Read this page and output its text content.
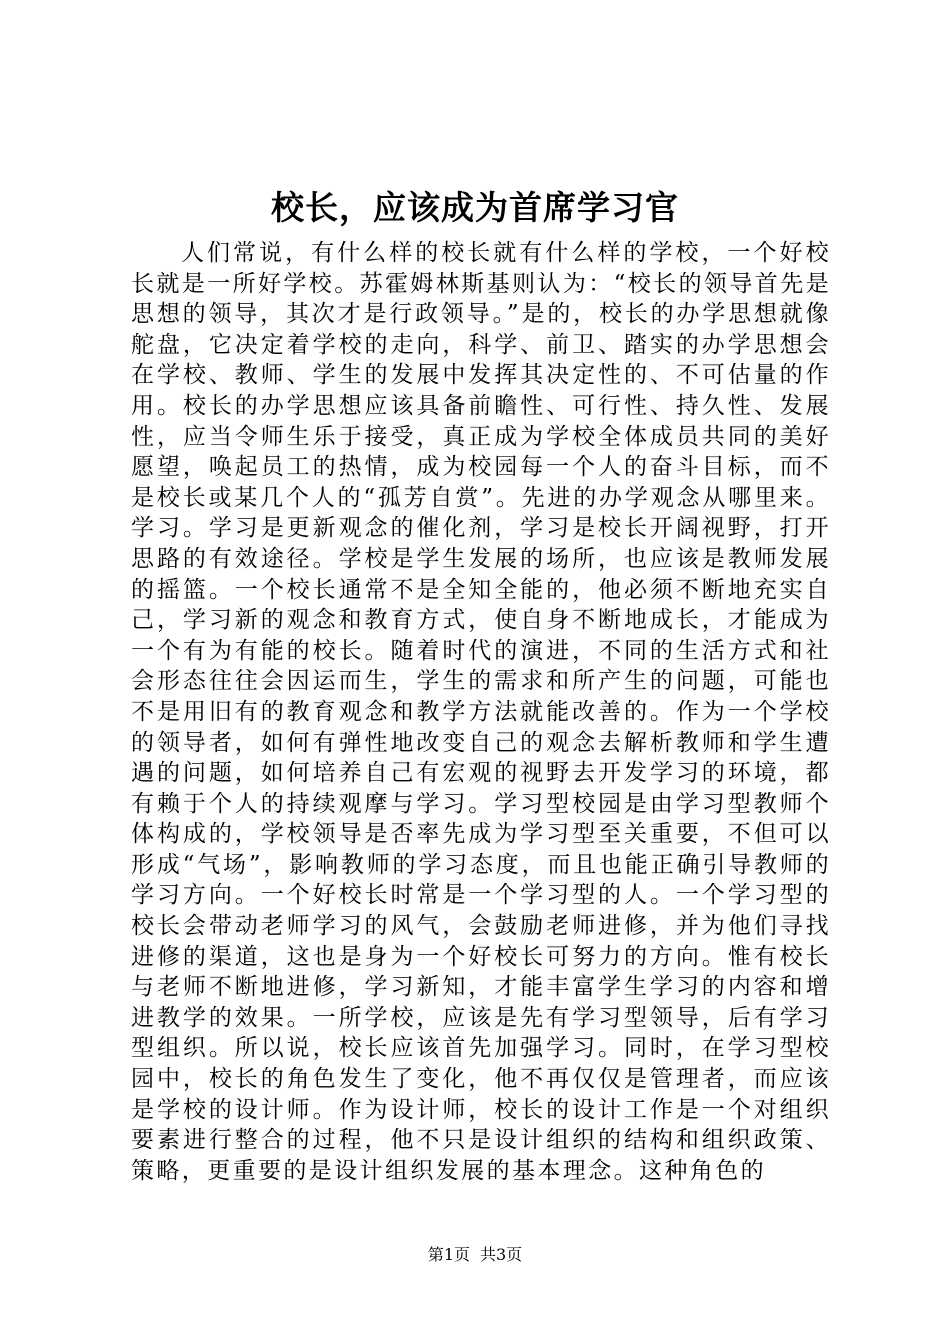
校长，应该成为首席学习官

人们常说，有什么样的校长就有什么样的学校，一个好校长就是一所好学校。苏霍姆林斯基则认为：“校长的领导首先是思想的领导，其次才是行政领导。”是的，校长的办学思想就像舵盘，它决定着学校的走向，科学、前卫、踏实的办学思想会在学校、教师、学生的发展中发挥其决定性的、不可估量的作用。校长的办学思想应该具备前瞻性、可行性、持久性、发展性，应当令师生乐于接受，真正成为学校全体成员共同的美好愿望，唤起员工的热情，成为校园每一个人的奋斗目标，而不是校长或某几个人的“孤芳自赏”。先进的办学观念从哪里来。学习。学习是更新观念的催化剂，学习是校长开阔视野，打开思路的有效途径。学校是学生发展的场所，也应该是教师发展的摇篮。一个校长通常不是全知全能的，他必须不断地充实自己，学习新的观念和教育方式，使自身不断地成长，才能成为一个有为有能的校长。随着时代的演进，不同的生活方式和社会形态往往会因运而生，学生的需求和所产生的问题，可能也不是用旧有的教育观念和教学方法就能改善的。作为一个学校的领导者，如何有弹性地改变自己的观念去解析教师和学生遭遇的问题，如何培养自己有宏观的视野去开发学习的环境，都有赖于个人的持续观摩与学习。学习型校园是由学习型教师个体构成的，学校领导是否率先成为学习型至关重要，不但可以形成“气场”，影响教师的学习态度，而且也能正确引导教师的学习方向。一个好校长时常是一个学习型的人。一个学习型的校长会带动老师学习的风气，会鼓励老师进修，并为他们寻找进修的渠道，这也是身为一个好校长可努力的方向。惟有校长与老师不断地进修，学习新知，才能丰富学生学习的内容和增进教学的效果。一所学校，应该是先有学习型领导，后有学习型组织。所以说，校长应该首先加强学习。同时，在学习型校园中，校长的角色发生了变化，他不再仅仅是管理者，而应该是学校的设计师。作为设计师，校长的设计工作是一个对组织要素进行整合的过程，他不只是设计组织的结构和组织政策、策略，更重要的是设计组织发展的基本理念。这种角色的

第1页 共3页
